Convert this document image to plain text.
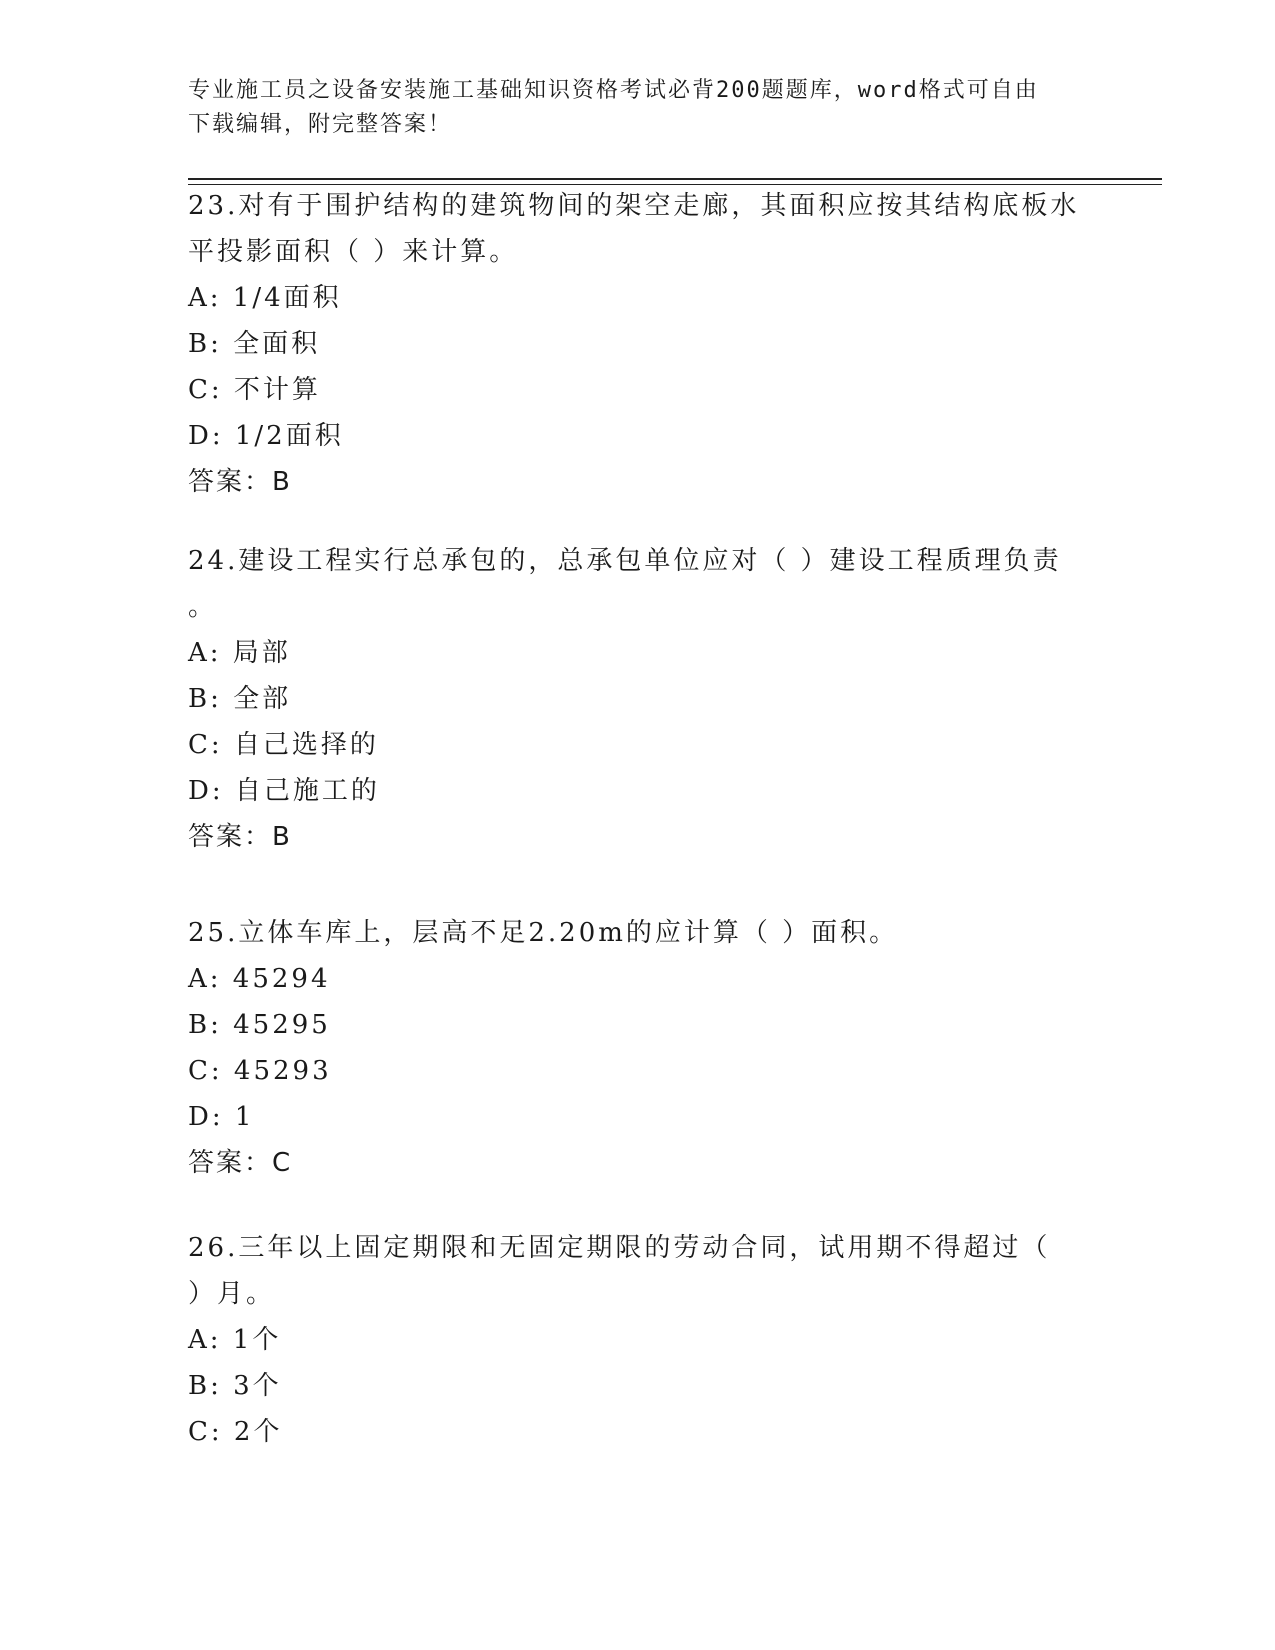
专业施工员之设备安装施工基础知识资格考试必背200题题库，word格式可自由
下载编辑，附完整答案！
23.对有于围护结构的建筑物间的架空走廊，其面积应按其结构底板水
平投影面积（ ）来计算。
A: 1/4面积
B: 全面积
C: 不计算
D: 1/2面积
答案：B
24.建设工程实行总承包的，总承包单位应对（ ）建设工程质理负责
。
A: 局部
B: 全部
C: 自己选择的
D: 自己施工的
答案：B
25.立体车库上，层高不足2.20m的应计算（ ）面积。
A: 45294
B: 45295
C: 45293
D: 1
答案：C
26.三年以上固定期限和无固定期限的劳动合同，试用期不得超过（
）月。
A: 1个
B: 3个
C: 2个
